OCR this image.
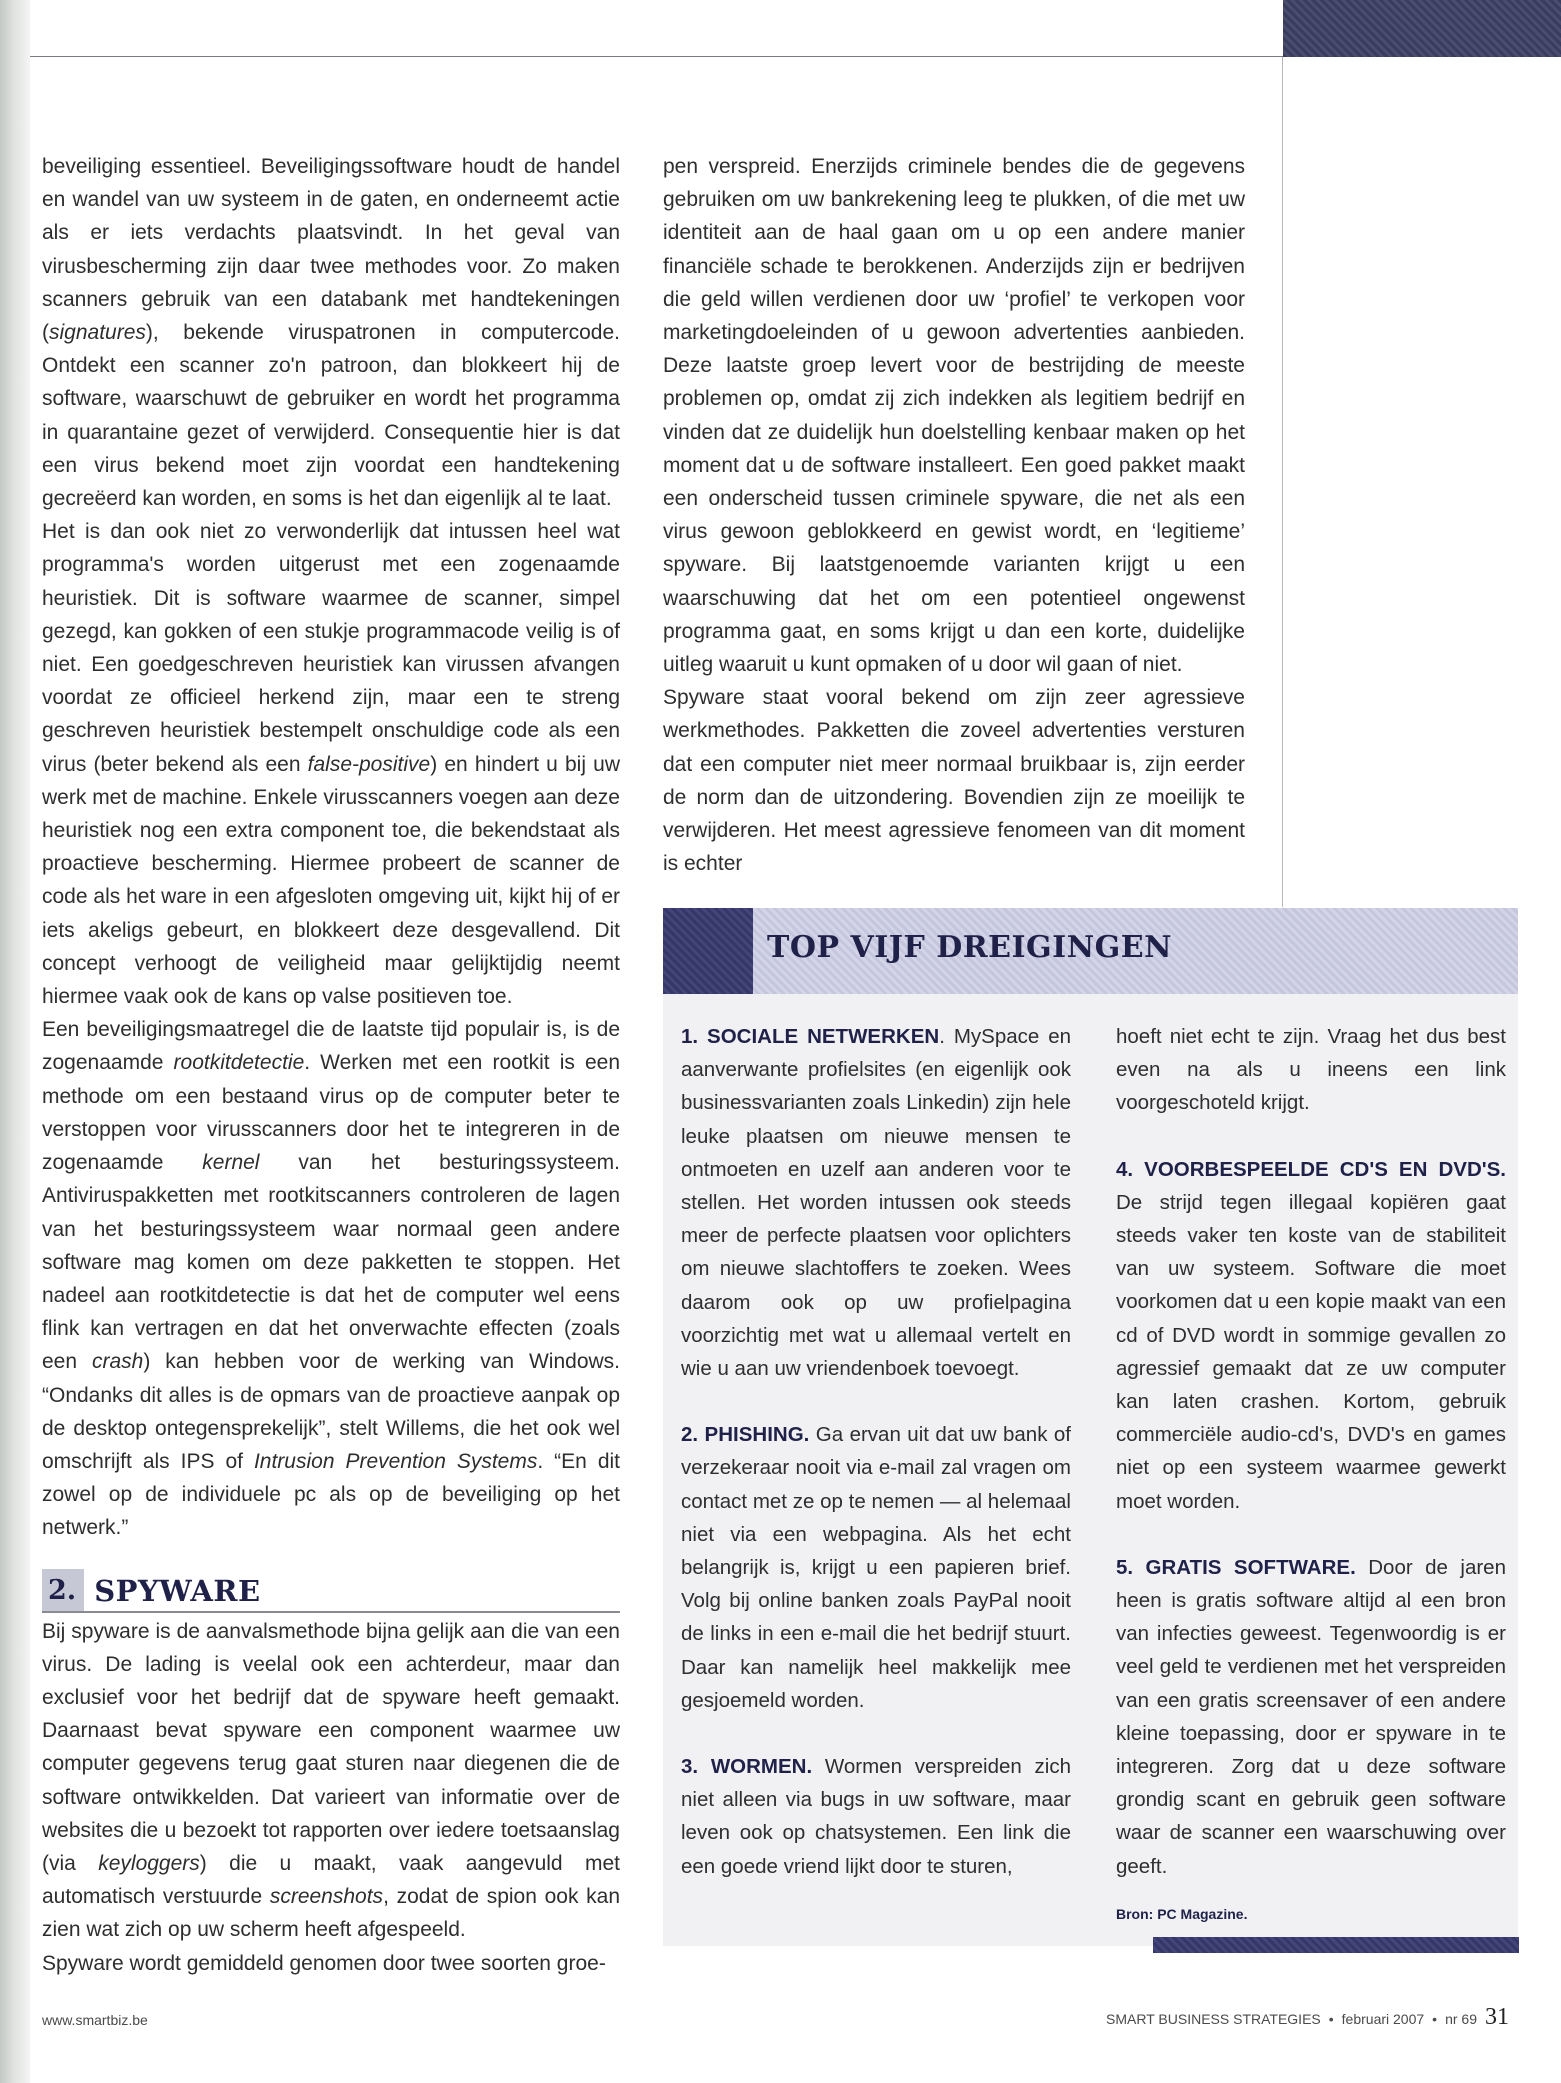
beveiliging essentieel. Beveiligingssoftware houdt de handel en wandel van uw systeem in de gaten, en onderneemt actie als er iets verdachts plaatsvindt. In het geval van virusbescherming zijn daar twee methodes voor. Zo maken scanners gebruik van een databank met handtekeningen (signatures), bekende viruspatronen in computercode. Ontdekt een scanner zo'n patroon, dan blokkeert hij de software, waarschuwt de gebruiker en wordt het programma in quarantaine gezet of verwijderd. Consequentie hier is dat een virus bekend moet zijn voordat een handtekening gecreëerd kan worden, en soms is het dan eigenlijk al te laat.

Het is dan ook niet zo verwonderlijk dat intussen heel wat programma's worden uitgerust met een zogenaamde heuristiek. Dit is software waarmee de scanner, simpel gezegd, kan gokken of een stukje programmacode veilig is of niet. Een goedgeschreven heuristiek kan virussen afvangen voordat ze officieel herkend zijn, maar een te streng geschreven heuristiek bestempelt onschuldige code als een virus (beter bekend als een false-positive) en hindert u bij uw werk met de machine. Enkele virusscanners voegen aan deze heuristiek nog een extra component toe, die bekendstaat als proactieve bescherming. Hiermee probeert de scanner de code als het ware in een afgesloten omgeving uit, kijkt hij of er iets akeligs gebeurt, en blokkeert deze desgevallend. Dit concept verhoogt de veiligheid maar gelijktijdig neemt hiermee vaak ook de kans op valse positieven toe.

Een beveiligingsmaatregel die de laatste tijd populair is, is de zogenaamde rootkitdetectie. Werken met een rootkit is een methode om een bestaand virus op de computer beter te verstoppen voor virusscanners door het te integreren in de zogenaamde kernel van het besturingssysteem. Antiviruspakketten met rootkitscanners controleren de lagen van het besturingssysteem waar normaal geen andere software mag komen om deze pakketten te stoppen. Het nadeel aan rootkitdetectie is dat het de computer wel eens flink kan vertragen en dat het onverwachte effecten (zoals een crash) kan hebben voor de werking van Windows. “Ondanks dit alles is de opmars van de proactieve aanpak op de desktop ontegensprekelijk”, stelt Willems, die het ook wel omschrijft als IPS of Intrusion Prevention Systems. “En dit zowel op de individuele pc als op de beveiliging op het netwerk.”

2. SPYWARE

Bij spyware is de aanvalsmethode bijna gelijk aan die van een virus. De lading is veelal ook een achterdeur, maar dan exclusief voor het bedrijf dat de spyware heeft gemaakt. Daarnaast bevat spyware een component waarmee uw computer gegevens terug gaat sturen naar diegenen die de software ontwikkelden. Dat varieert van informatie over de websites die u bezoekt tot rapporten over iedere toetsaanslag (via keyloggers) die u maakt, vaak aangevuld met automatisch verstuurde screenshots, zodat de spion ook kan zien wat zich op uw scherm heeft afgespeeld.

Spyware wordt gemiddeld genomen door twee soorten groe-

pen verspreid. Enerzijds criminele bendes die de gegevens gebruiken om uw bankrekening leeg te plukken, of die met uw identiteit aan de haal gaan om u op een andere manier financiële schade te berokkenen. Anderzijds zijn er bedrijven die geld willen verdienen door uw ‘profiel’ te verkopen voor marketingdoeleinden of u gewoon advertenties aanbieden. Deze laatste groep levert voor de bestrijding de meeste problemen op, omdat zij zich indekken als legitiem bedrijf en vinden dat ze duidelijk hun doelstelling kenbaar maken op het moment dat u de software installeert. Een goed pakket maakt een onderscheid tussen criminele spyware, die net als een virus gewoon geblokkeerd en gewist wordt, en ‘legitieme’ spyware. Bij laatstgenoemde varianten krijgt u een waarschuwing dat het om een potentieel ongewenst programma gaat, en soms krijgt u dan een korte, duidelijke uitleg waaruit u kunt opmaken of u door wil gaan of niet.

Spyware staat vooral bekend om zijn zeer agressieve werkmethodes. Pakketten die zoveel advertenties versturen dat een computer niet meer normaal bruikbaar is, zijn eerder de norm dan de uitzondering. Bovendien zijn ze moeilijk te verwijderen. Het meest agressieve fenomeen van dit moment is echter

TOP VIJF DREIGINGEN

1. SOCIALE NETWERKEN. MySpace en aanverwante profielsites (en eigenlijk ook businessvarianten zoals Linkedin) zijn hele leuke plaatsen om nieuwe mensen te ontmoeten en uzelf aan anderen voor te stellen. Het worden intussen ook steeds meer de perfecte plaatsen voor oplichters om nieuwe slachtoffers te zoeken. Wees daarom ook op uw profielpagina voorzichtig met wat u allemaal vertelt en wie u aan uw vriendenboek toevoegt.

2. PHISHING. Ga ervan uit dat uw bank of verzekeraar nooit via e-mail zal vragen om contact met ze op te nemen — al helemaal niet via een webpagina. Als het echt belangrijk is, krijgt u een papieren brief. Volg bij online banken zoals PayPal nooit de links in een e-mail die het bedrijf stuurt. Daar kan namelijk heel makkelijk mee gesjoemeld worden.

3. WORMEN. Wormen verspreiden zich niet alleen via bugs in uw software, maar leven ook op chatsystemen. Een link die een goede vriend lijkt door te sturen,

hoeft niet echt te zijn. Vraag het dus best even na als u ineens een link voorgeschoteld krijgt.

4. VOORBESPEELDE CD'S EN DVD'S. De strijd tegen illegaal kopiëren gaat steeds vaker ten koste van de stabiliteit van uw systeem. Software die moet voorkomen dat u een kopie maakt van een cd of DVD wordt in sommige gevallen zo agressief gemaakt dat ze uw computer kan laten crashen. Kortom, gebruik commerciële audio-cd's, DVD's en games niet op een systeem waarmee gewerkt moet worden.

5. GRATIS SOFTWARE. Door de jaren heen is gratis software altijd al een bron van infecties geweest. Tegenwoordig is er veel geld te verdienen met het verspreiden van een gratis screensaver of een andere kleine toepassing, door er spyware in te integreren. Zorg dat u deze software grondig scant en gebruik geen software waar de scanner een waarschuwing over geeft.

Bron: PC Magazine.
www.smartbiz.be	SMART BUSINESS STRATEGIES • februari 2007 • nr 69 31
